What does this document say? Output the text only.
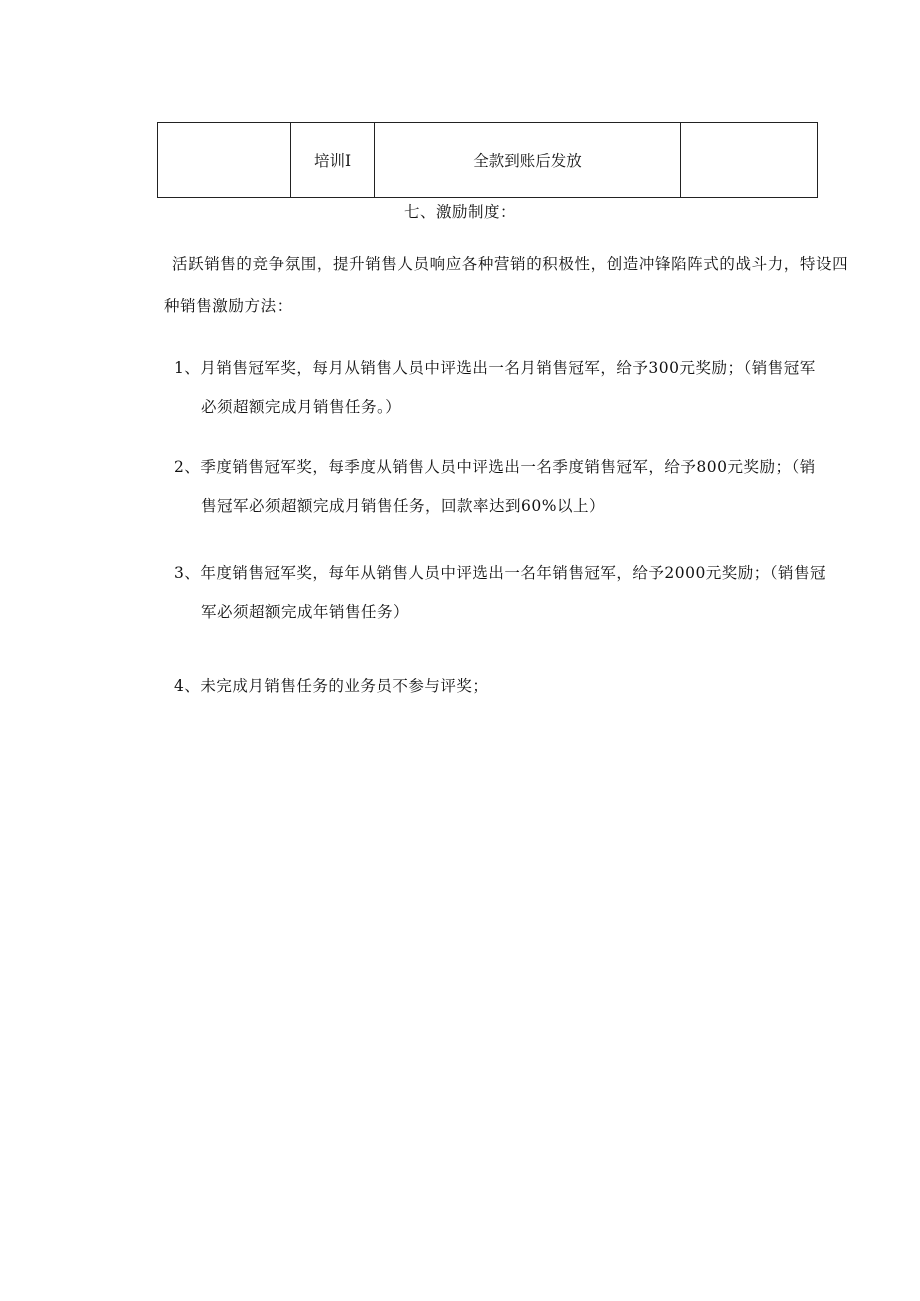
	培训I	全款到账后发放	
七、激励制度：
活跃销售的竞争氛围，提升销售人员响应各种营销的积极性，创造冲锋陷阵式的战斗力，特设四
种销售激励方法：
1、月销售冠军奖，每月从销售人员中评选出一名月销售冠军，给予300元奖励；（销售冠军
必须超额完成月销售任务。）
2、季度销售冠军奖，每季度从销售人员中评选出一名季度销售冠军，给予800元奖励；（销
售冠军必须超额完成月销售任务，回款率达到60%以上）
3、年度销售冠军奖，每年从销售人员中评选出一名年销售冠军，给予2000元奖励；（销售冠
军必须超额完成年销售任务）
4、未完成月销售任务的业务员不参与评奖；
